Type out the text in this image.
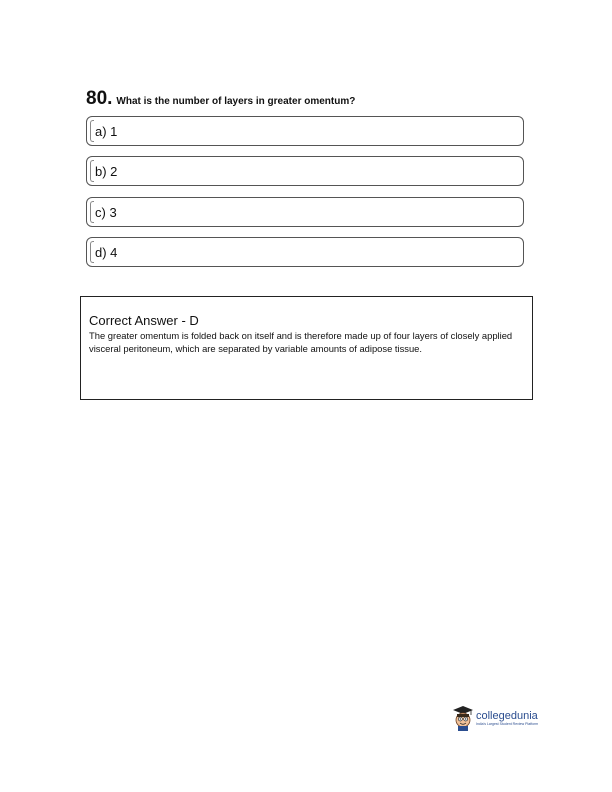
80. What is the number of layers in greater omentum?
a) 1
b) 2
c) 3
d) 4
Correct Answer - D
The greater omentum is folded back on itself and is therefore made up of four layers of closely applied visceral peritoneum, which are separated by variable amounts of adipose tissue.
collegedunia
India's Largest Student Review Platform
